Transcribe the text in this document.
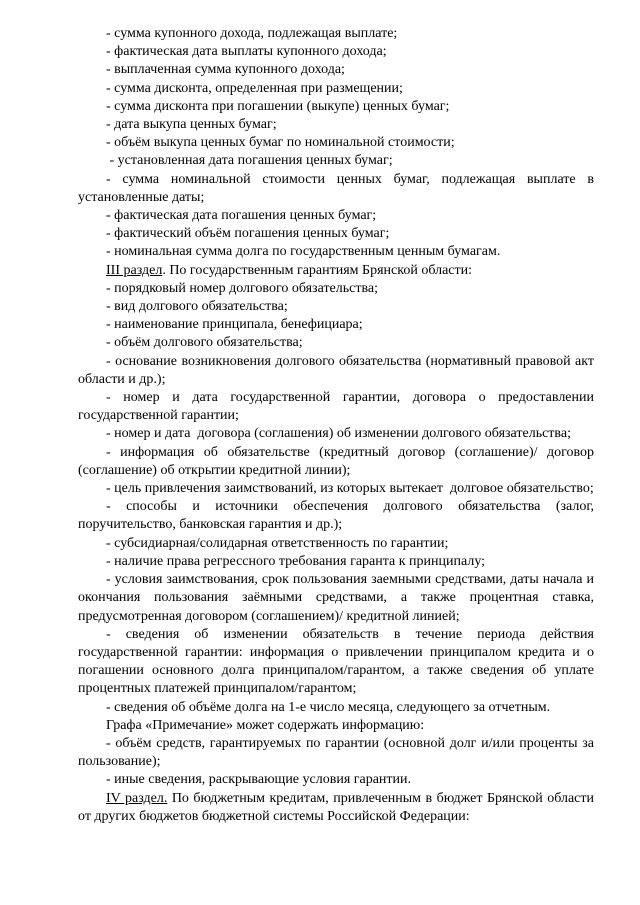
- сумма купонного дохода, подлежащая выплате;

- фактическая дата выплаты купонного дохода;

- выплаченная сумма купонного дохода;

- сумма дисконта, определенная при размещении;

- сумма дисконта при погашении (выкупе) ценных бумаг;

- дата выкупа ценных бумаг;

- объём выкупа ценных бумаг по номинальной стоимости;

- установленная дата погашения ценных бумаг;

- сумма номинальной стоимости ценных бумаг, подлежащая выплате в установленные даты;

- фактическая дата погашения ценных бумаг;

- фактический объём погашения ценных бумаг;

- номинальная сумма долга по государственным ценным бумагам.

III раздел. По государственным гарантиям Брянской области:

- порядковый номер долгового обязательства;

- вид долгового обязательства;

- наименование принципала, бенефициара;

- объём долгового обязательства;

- основание возникновения долгового обязательства (нормативный правовой акт области и др.);

- номер и дата государственной гарантии, договора о предоставлении государственной гарантии;

- номер и дата  договора (соглашения) об изменении долгового обязательства;

- информация об обязательстве (кредитный договор (соглашение)/ договор (соглашение) об открытии кредитной линии);

- цель привлечения заимствований, из которых вытекает  долговое обязательство;

- способы и источники обеспечения долгового обязательства (залог, поручительство, банковская гарантия и др.);

- субсидиарная/солидарная ответственность по гарантии;

- наличие права регрессного требования гаранта к принципалу;

- условия заимствования, срок пользования заемными средствами, даты начала и окончания пользования заёмными средствами, а также процентная ставка, предусмотренная договором (соглашением)/ кредитной линией;

- сведения об изменении обязательств в течение периода действия государственной гарантии: информация о привлечении принципалом кредита и о погашении основного долга принципалом/гарантом, а также сведения об уплате процентных платежей принципалом/гарантом;

- сведения об объёме долга на 1-е число месяца, следующего за отчетным.

Графа «Примечание» может содержать информацию:

- объём средств, гарантируемых по гарантии (основной долг и/или проценты за пользование);

- иные сведения, раскрывающие условия гарантии.

IV раздел. По бюджетным кредитам, привлеченным в бюджет Брянской области от других бюджетов бюджетной системы Российской Федерации:
